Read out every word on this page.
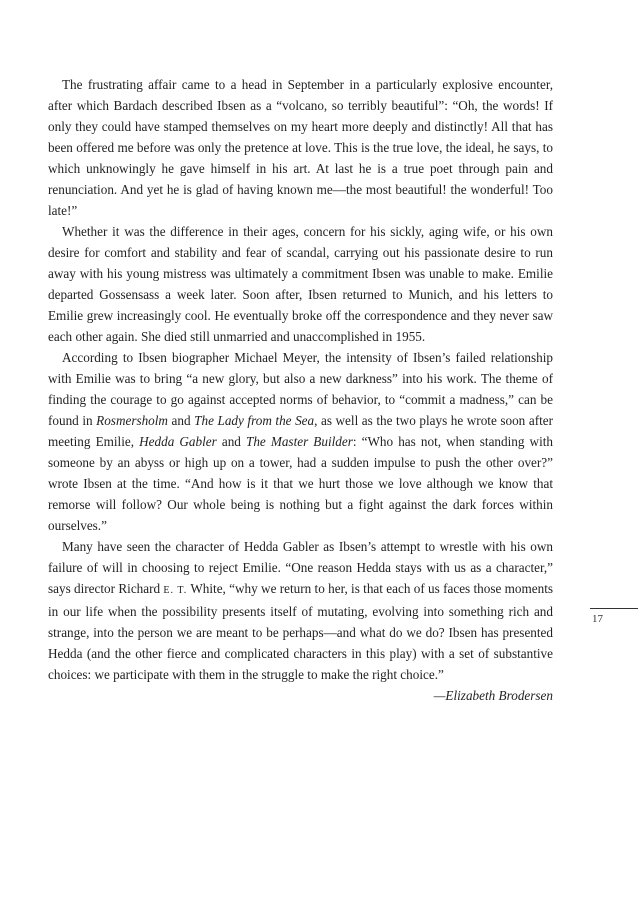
The frustrating affair came to a head in September in a particularly explosive encounter, after which Bardach described Ibsen as a “volcano, so terribly beautiful”: “Oh, the words! If only they could have stamped themselves on my heart more deeply and distinctly! All that has been offered me before was only the pretence at love. This is the true love, the ideal, he says, to which unknowingly he gave himself in his art. At last he is a true poet through pain and renunciation. And yet he is glad of having known me—the most beautiful! the wonderful! Too late!”

Whether it was the difference in their ages, concern for his sickly, aging wife, or his own desire for comfort and stability and fear of scandal, carrying out his passionate desire to run away with his young mistress was ultimately a commitment Ibsen was unable to make. Emilie departed Gossensass a week later. Soon after, Ibsen returned to Munich, and his letters to Emilie grew increasingly cool. He eventually broke off the correspondence and they never saw each other again. She died still unmarried and unaccomplished in 1955.

According to Ibsen biographer Michael Meyer, the intensity of Ibsen’s failed relationship with Emilie was to bring “a new glory, but also a new darkness” into his work. The theme of finding the courage to go against accepted norms of behavior, to “commit a madness,” can be found in Rosmersholm and The Lady from the Sea, as well as the two plays he wrote soon after meeting Emilie, Hedda Gabler and The Master Builder: “Who has not, when standing with someone by an abyss or high up on a tower, had a sudden impulse to push the other over?” wrote Ibsen at the time. “And how is it that we hurt those we love although we know that remorse will follow? Our whole being is nothing but a fight against the dark forces within ourselves.”

Many have seen the character of Hedda Gabler as Ibsen’s attempt to wrestle with his own failure of will in choosing to reject Emilie. “One reason Hedda stays with us as a character,” says director Richard E. T. White, “why we return to her, is that each of us faces those moments in our life when the possibility presents itself of mutating, evolving into something rich and strange, into the person we are meant to be perhaps—and what do we do? Ibsen has presented Hedda (and the other fierce and complicated characters in this play) with a set of substantive choices: we participate with them in the struggle to make the right choice.”

—Elizabeth Brodersen

17
